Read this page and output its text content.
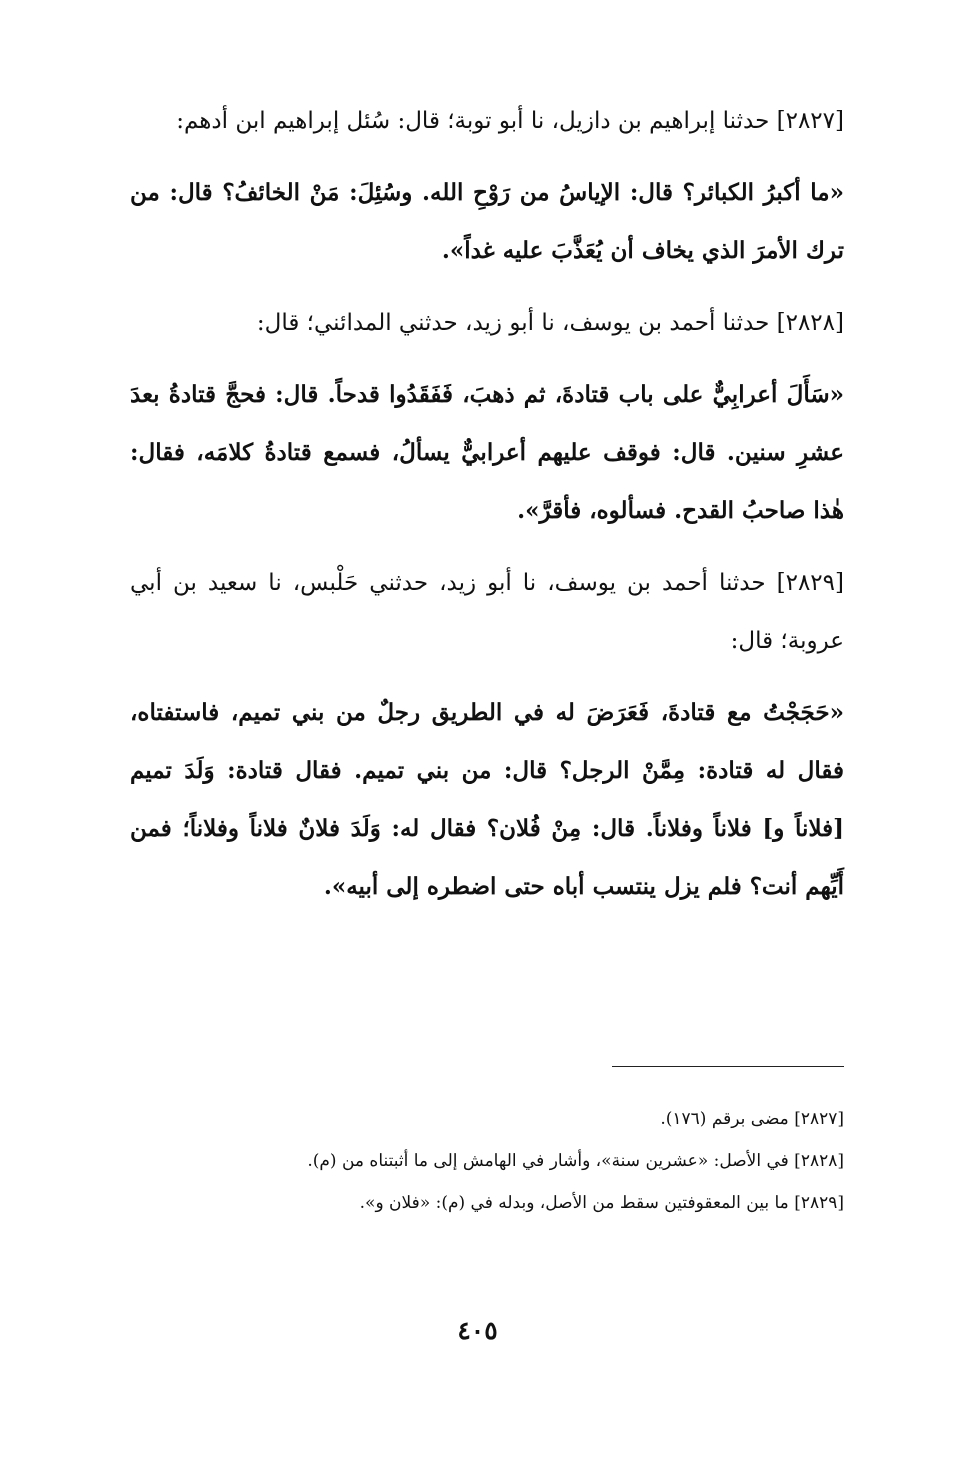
[٢٨٢٧] حدثنا إبراهيم بن دازيل، نا أبو توبة؛ قال: سُئل إبراهيم ابن أدهم:

«ما أكبرُ الكبائر؟ قال: الإياسُ من رَوْحِ الله. وسُئِلَ: مَنْ الخائفُ؟ قال: من ترك الأمرَ الذي يخاف أن يُعَذَّبَ عليه غداً».

[٢٨٢٨] حدثنا أحمد بن يوسف، نا أبو زيد، حدثني المدائني؛ قال:

«سَأَلَ أعرابِيٌّ على باب قتادةَ، ثم ذهبَ، فَفَقَدُوا قدحاً. قال: فحجَّ قتادةُ بعدَ عشرِ سنين. قال: فوقف عليهم أعرابيٌّ يسألُ، فسمع قتادةُ كلامَه، فقال: هٰذا صاحبُ القدح. فسألوه، فأقرَّ».

[٢٨٢٩] حدثنا أحمد بن يوسف، نا أبو زيد، حدثني حَلْبس، نا سعيد بن أبي عروبة؛ قال:

«حَجَجْتُ مع قتادةَ، فَعَرَضَ له في الطريق رجلٌ من بني تميم، فاستفتاه، فقال له قتادة: مِمَّنْ الرجل؟ قال: من بني تميم. فقال قتادة: وَلَدَ تميم [فلاناً و] فلاناً وفلاناً. قال: مِنْ فُلان؟ فقال له: وَلَدَ فلانٌ فلاناً وفلاناً؛ فمن أَيِّهم أنت؟ فلم يزل ينتسب أباه حتى اضطره إلى أبيه».

[٢٨٢٧] مضى برقم (١٧٦).

[٢٨٢٨] في الأصل: «عشرين سنة»، وأشار في الهامش إلى ما أثبتناه من (م).

[٢٨٢٩] ما بين المعقوفتين سقط من الأصل، وبدله في (م): «فلان و».

٤٠٥
